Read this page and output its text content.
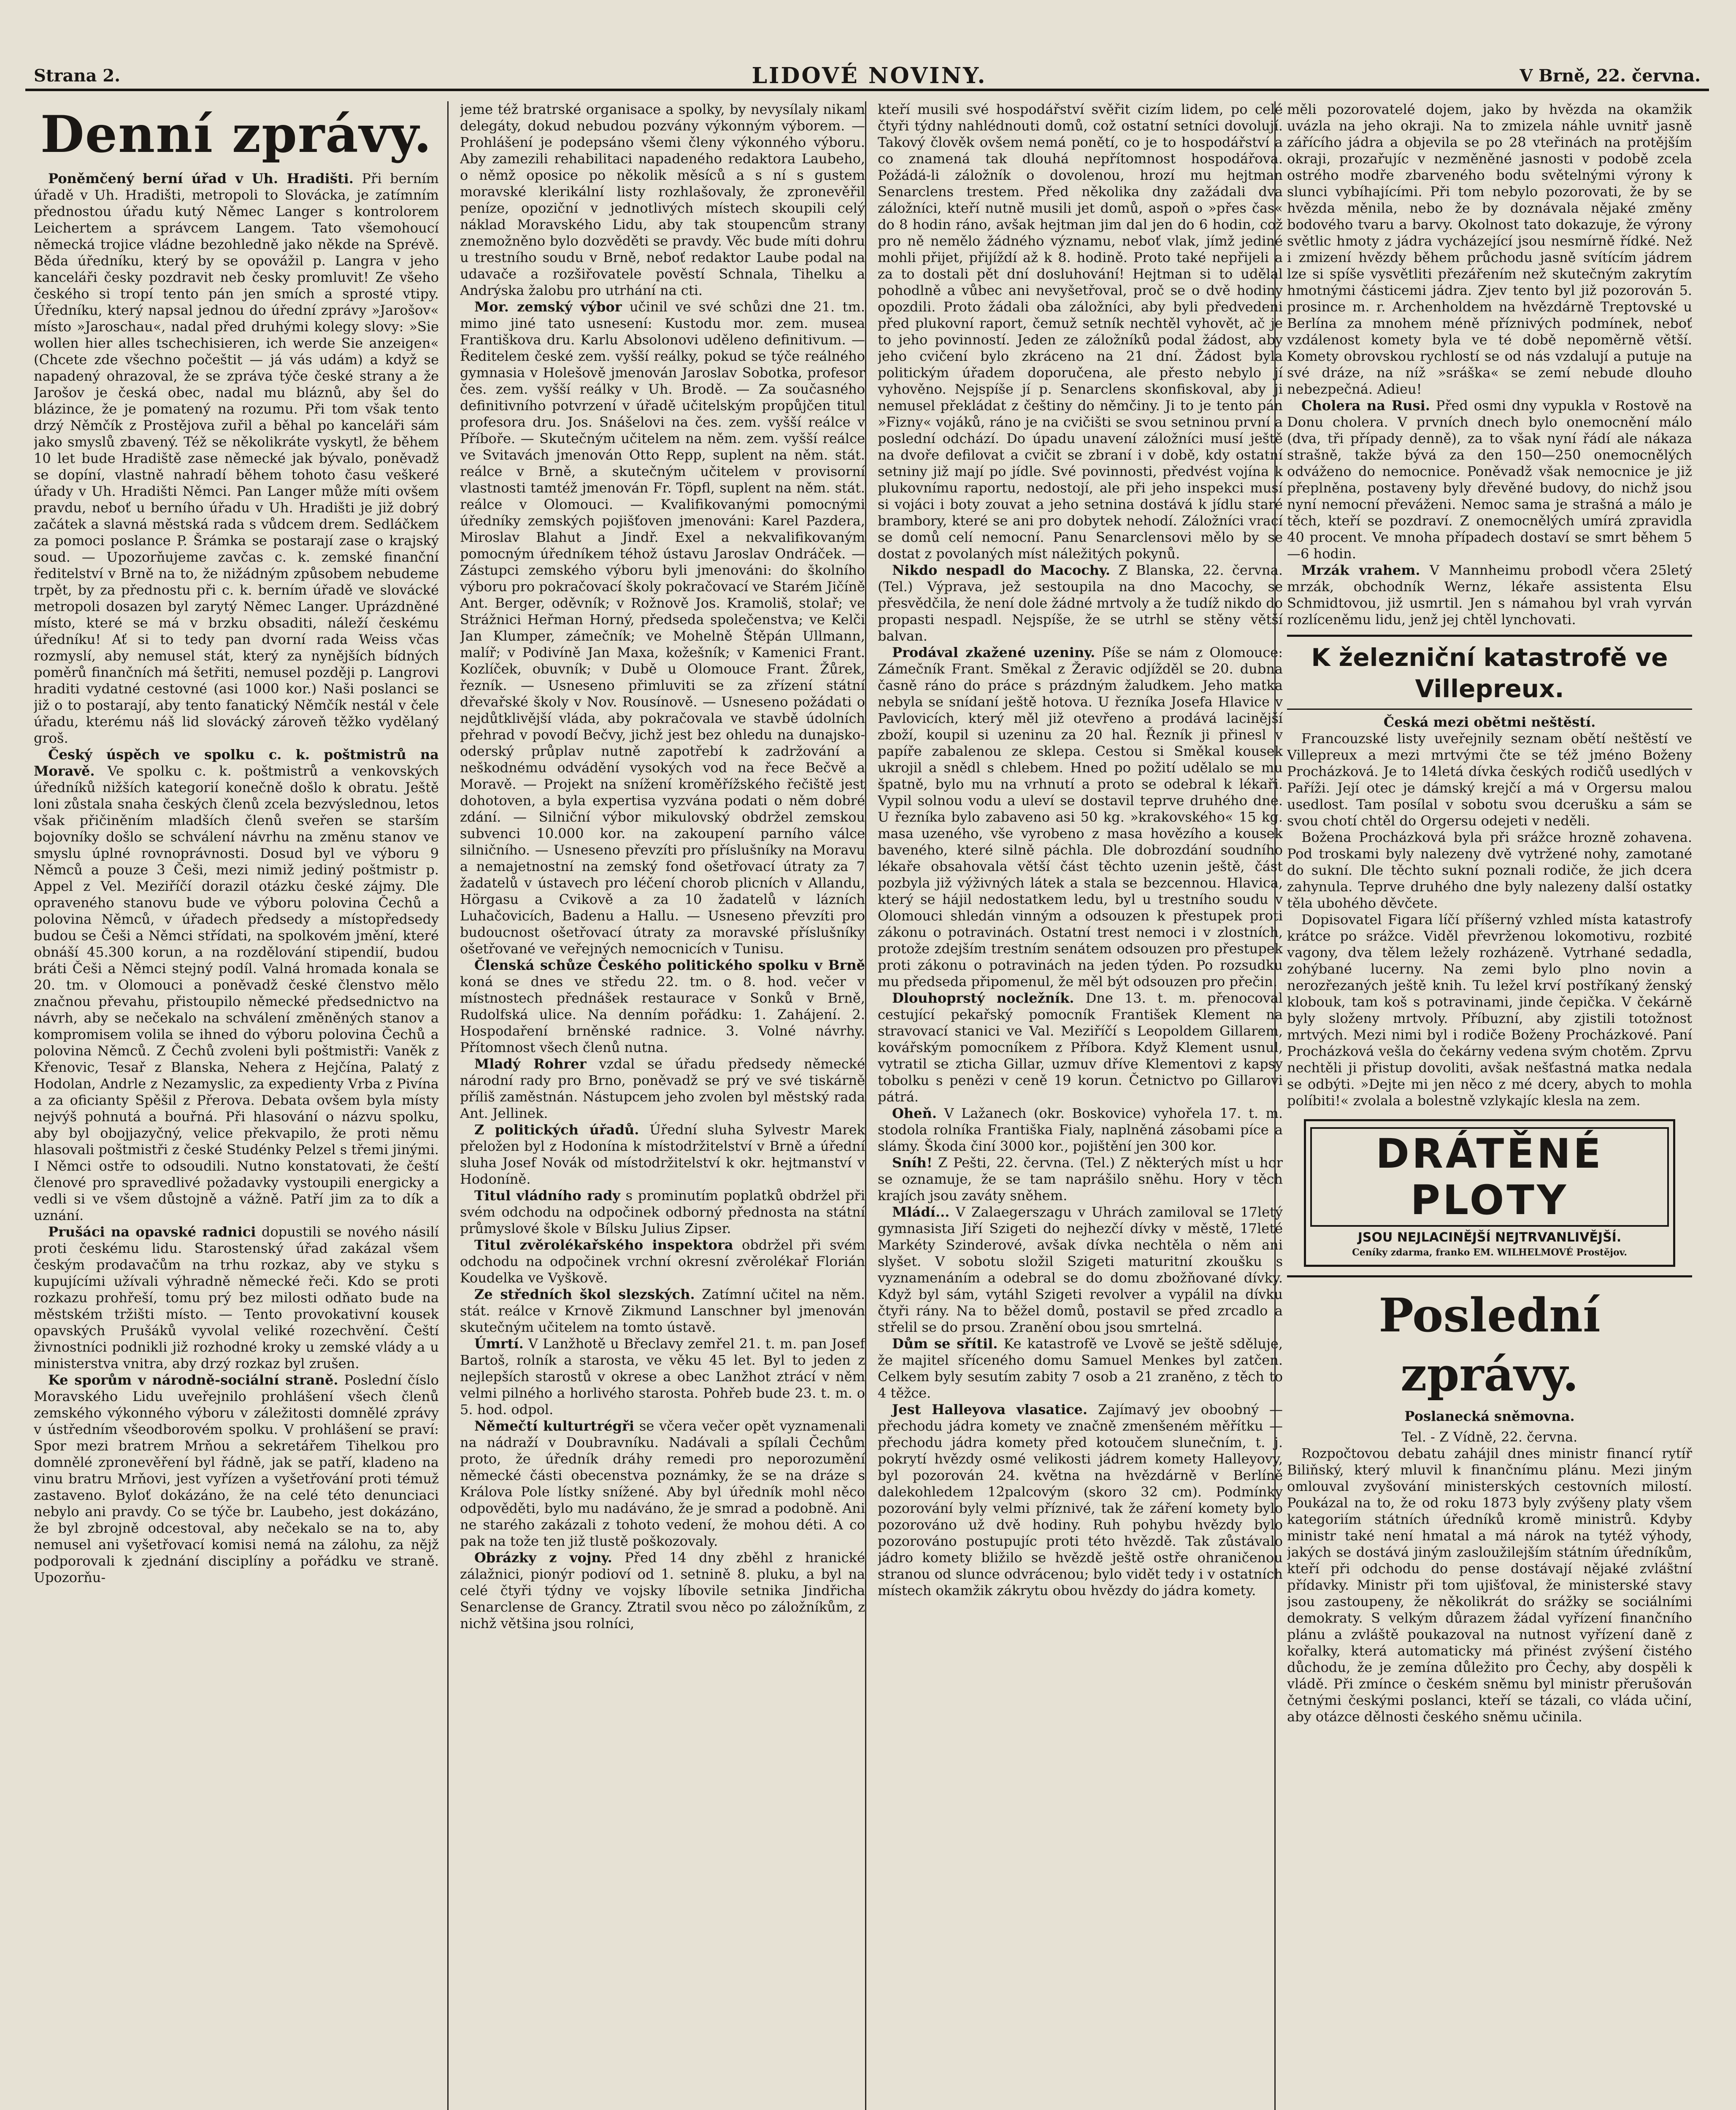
Strana 2.	LIDOVÉ NOVINY.	V Brně, 22. června.
Denní zprávy.

Poněmčený berní úřad v Uh. Hradišti. Při berním úřadě v Uh. Hradišti, metropoli to Slovácka, je zatímním přednostou úřadu kutý Němec Langer s kontrolorem Leichertem a správcem Langem. Tato všemohoucí německá trojice vládne bezohledně jako někde na Sprévě. Běda úředníku, který by se opovážil p. Langra v jeho kanceláři česky pozdravit neb česky promluvit! Ze všeho českého si tropí tento pán jen smích a sprosté vtipy. Úředníku, který napsal jednou do úřední zprávy »Jarošov« místo »Jaroschau«, nadal před druhými kolegy slovy: »Sie wollen hier alles tschechisieren, ich werde Sie anzeigen« (Chcete zde všechno počeštit — já vás udám) a když se napadený ohrazoval, že se zpráva týče české strany a že Jarošov je česká obec, nadal mu bláznů, aby šel do blázince, že je pomatený na rozumu. Při tom však tento drzý Němčík z Prostějova zuřil a běhal po kanceláři sám jako smyslů zbavený. Též se několikráte vyskytl, že během 10 let bude Hradiště zase německé jak bývalo, poněvadž se dopíní, vlastně nahradí během tohoto času veškeré úřady v Uh. Hradišti Němci. Pan Langer může míti ovšem pravdu, neboť u berního úřadu v Uh. Hradišti je již dobrý začátek a slavná městská rada s vůdcem drem. Sedláčkem za pomoci poslance P. Šrámka se postarají zase o krajský soud. — Upozorňujeme zavčas c. k. zemské finanční ředitelství v Brně na to, že nižádným způsobem nebudeme trpět, by za přednostu při c. k. berním úřadě ve slovácké metropoli dosazen byl zarytý Němec Langer. Uprázdněné místo, které se má v brzku obsaditi, náleží českému úředníku! Ať si to tedy pan dvorní rada Weiss včas rozmyslí, aby nemusel stát, který za nynějších bídných poměrů finančních má šetřiti, nemusel později p. Langrovi hraditi vydatné cestovné (asi 1000 kor.) Naši poslanci se již o to postarají, aby tento fanatický Němčík nestál v čele úřadu, kterému náš lid slovácký zároveň těžko vydělaný groš.

Český úspěch ve spolku c. k. poštmistrů na Moravě. Ve spolku c. k. poštmistrů a venkovských úředníků nižších kategorií konečně došlo k obratu. Ještě loni zůstala snaha českých členů zcela bezvýslednou, letos však přičiněním mladších členů sveřen se starším bojovníky došlo se schválení návrhu na změnu stanov ve smyslu úplné rovnoprávnosti. Dosud byl ve výboru 9 Němců a pouze 3 Češi, mezi nimiž jediný poštmistr p. Appel z Vel. Meziříčí dorazil otázku české zájmy. Dle opraveného stanovu bude ve výboru polovina Čechů a polovina Němců, v úřadech předsedy a místopředsedy budou se Češi a Němci střídati, na spolkovém jmění, které obnáší 45.300 korun, a na rozdělování stipendií, budou bráti Češi a Němci stejný podíl. Valná hromada konala se 20. tm. v Olomouci a poněvadž české členstvo mělo značnou převahu, přistoupilo německé předsednictvo na návrh, aby se nečekalo na schválení změněných stanov a kompromisem volila se ihned do výboru polovina Čechů a polovina Němců. Z Čechů zvoleni byli poštmistři: Vaněk z Křenovic, Tesař z Blanska, Nehera z Hejčína, Palatý z Hodolan, Andrle z Nezamyslic, za expedienty Vrba z Pivína a za oficianty Spěšil z Přerova. Debata ovšem byla místy nejvýš pohnutá a bouřná. Při hlasování o názvu spolku, aby byl obojjazyčný, velice překvapilo, že proti němu hlasovali poštmistři z české Studénky Pelzel s třemi jinými. I Němci ostře to odsoudili. Nutno konstatovati, že čeští členové pro spravedlivé požadavky vystoupili energicky a vedli si ve všem důstojně a vážně. Patří jim za to dík a uznání.

Prušáci na opavské radnici dopustili se nového násilí proti českému lidu. Starostenský úřad zakázal všem českým prodavačům na trhu rozkaz, aby ve styku s kupujícími užívali výhradně německé řeči. Kdo se proti rozkazu prohřeší, tomu prý bez milosti odňato bude na městském tržišti místo. — Tento provokativní kousek opavských Prušáků vyvolal veliké rozechvění. Čeští živnostníci podnikli již rozhodné kroky u zemské vlády a u ministerstva vnitra, aby drzý rozkaz byl zrušen.

Ke sporům v národně-sociální straně. Poslední číslo Moravského Lidu uveřejnilo prohlášení všech členů zemského výkonného výboru v záležitosti domnělé zprávy v ústředním všeodborovém spolku. V prohlášení se praví: Spor mezi bratrem Mrňou a sekretářem Tihelkou pro domnělé zpronevěření byl řádně, jak se patří, kladeno na vinu bratru Mrňovi, jest vyřízen a vyšetřování proti témuž zastaveno. Byloť dokázáno, že na celé této denunciaci nebylo ani pravdy. Co se týče br. Laubeho, jest dokázáno, že byl zbrojně odcestoval, aby nečekalo se na to, aby nemusel ani vyšetřovací komisi nemá na zálohu, za nějž podporovali k zjednání disciplíny a pořádku ve straně. Upozorňu-

jeme též bratrské organisace a spolky, by nevysílaly nikam delegáty, dokud nebudou pozvány výkonným výborem. — Prohlášení je podepsáno všemi členy výkonného výboru. Aby zamezili rehabilitaci napadeného redaktora Laubeho, o němž oposice po několik měsíců a s ní s gustem moravské klerikální listy rozhlašovaly, že zpronevěřil peníze, opoziční v jednotlivých místech skoupili celý náklad Moravského Lidu, aby tak stoupencům strany znemožněno bylo dozvěděti se pravdy. Věc bude míti dohru u trestního soudu v Brně, neboť redaktor Laube podal na udavače a rozšiřovatele pověstí Schnala, Tihelku a Andrýska žalobu pro utrhání na cti.

Mor. zemský výbor učinil ve své schůzi dne 21. tm. mimo jiné tato usnesení: Kustodu mor. zem. musea Františkova dru. Karlu Absolonovi uděleno definitivum. — Ředitelem české zem. vyšší reálky, pokud se týče reálného gymnasia v Holešově jmenován Jaroslav Sobotka, profesor čes. zem. vyšší reálky v Uh. Brodě. — Za současného definitivního potvrzení v úřadě učitelským propůjčen titul profesora dru. Jos. Snášelovi na čes. zem. vyšší reálce v Příboře. — Skutečným učitelem na něm. zem. vyšší reálce ve Svitavách jmenován Otto Repp, suplent na něm. stát. reálce v Brně, a skutečným učitelem v provisorní vlastnosti tamtéž jmenován Fr. Töpfl, suplent na něm. stát. reálce v Olomouci. — Kvalifikovanými pomocnými úředníky zemských pojišťoven jmenováni: Karel Pazdera, Miroslav Blahut a Jindř. Exel a nekvalifikovaným pomocným úředníkem téhož ústavu Jaroslav Ondráček. — Zástupci zemského výboru byli jmenováni: do školního výboru pro pokračovací školy pokračovací ve Starém Jičíně Ant. Berger, oděvník; v Rožnově Jos. Kramoliš, stolař; ve Strážnici Heřman Horný, předseda společenstva; ve Kelči Jan Klumper, zámečník; ve Mohelně Štěpán Ullmann, malíř; v Podivíně Jan Maxa, kožešník; v Kamenici Frant. Kozlíček, obuvník; v Dubě u Olomouce Frant. Žůrek, řezník. — Usneseno přimluviti se za zřízení státní dřevařské školy v Nov. Rousínově. — Usneseno požádati o nejdůtklivější vláda, aby pokračovala ve stavbě údolních přehrad v povodí Bečvy, jichž jest bez ohledu na dunajsko-oderský průplav nutně zapotřebí k zadržování a neškodnému odvádění vysokých vod na řece Bečvě a Moravě. — Projekt na snížení kroměřížského řečiště jest dohotoven, a byla expertisa vyzvána podati o něm dobré zdání. — Silniční výbor mikulovský obdržel zemskou subvenci 10.000 kor. na zakoupení parního válce silničního. — Usneseno převzíti pro příslušníky na Moravu a nemajetnostní na zemský fond ošetřovací útraty za 7 žadatelů v ústavech pro léčení chorob plicních v Allandu, Hörgasu a Cvikově a za 10 žadatelů v lázních Luhačovicích, Badenu a Hallu. — Usneseno převzíti pro budoucnost ošetřovací útraty za moravské příslušníky ošetřované ve veřejných nemocnicích v Tunisu.

Členská schůze Českého politického spolku v Brně koná se dnes ve středu 22. tm. o 8. hod. večer v místnostech přednášek restaurace v Sonků v Brně, Rudolfská ulice. Na denním pořádku: 1. Zahájení. 2. Hospodaření brněnské radnice. 3. Volné návrhy. Přítomnost všech členů nutna.

Mladý Rohrer vzdal se úřadu předsedy německé národní rady pro Brno, poněvadž se prý ve své tiskárně příliš zaměstnán. Nástupcem jeho zvolen byl městský rada Ant. Jellinek.

Z politických úřadů. Úřední sluha Sylvestr Marek přeložen byl z Hodonína k místodržitelství v Brně a úřední sluha Josef Novák od místodržitelství k okr. hejtmanství v Hodoníně.

Titul vládního rady s prominutím poplatků obdržel při svém odchodu na odpočinek odborný přednosta na státní průmyslové škole v Bílsku Julius Zipser.

Titul zvěrolékařského inspektora obdržel při svém odchodu na odpočinek vrchní okresní zvěrolékař Florián Koudelka ve Vyškově.

Ze středních škol slezských. Zatímní učitel na něm. stát. reálce v Krnově Zikmund Lanschner byl jmenován skutečným učitelem na tomto ústavě.

Úmrtí. V Lanžhotě u Břeclavy zemřel 21. t. m. pan Josef Bartoš, rolník a starosta, ve věku 45 let. Byl to jeden z nejlepších starostů v okrese a obec Lanžhot ztrácí v něm velmi pilného a horlivého starosta. Pohřeb bude 23. t. m. o 5. hod. odpol.

Němečtí kulturtrégři se včera večer opět vyznamenali na nádraží v Doubravníku. Nadávali a spílali Čechům proto, že úředník dráhy remedi pro neporozumění německé části obecenstva poznámky, že se na dráze s Králova Pole lístky snížené. Aby byl úředník mohl něco odpověděti, bylo mu nadáváno, že je smrad a podobně. Ani ne starého zakázali z tohoto vedení, že mohou déti. A co pak na tože ten již tlustě poškozovaly.

Obrázky z vojny. Před 14 dny zběhl z hranické zálažnici, pionýr podioví od 1. setnině 8. pluku, a byl na celé čtyři týdny ve vojsky líbovile setnika Jindřicha Senarclense de Grancy. Ztratil svou něco po záložníkům, z nichž většina jsou rolníci,

kteří musili své hospodářství svěřit cizím lidem, po celé čtyři týdny nahlédnouti domů, což ostatní setníci dovolují. Takový člověk ovšem nemá ponětí, co je to hospodářství a co znamená tak dlouhá nepřítomnost hospodářova. Požádá-li záložník o dovolenou, hrozí mu hejtman Senarclens trestem. Před několika dny zažádali dva záložníci, kteří nutně musili jet domů, aspoň o »přes čas« do 8 hodin ráno, avšak hejtman jim dal jen do 6 hodin, což pro ně nemělo žádného významu, neboť vlak, jímž jediné mohli přijet, přijíždí až k 8. hodině. Proto také nepřijeli a za to dostali pět dní dosluhování! Hejtman si to udělal pohodlně a vůbec ani nevyšetřoval, proč se o dvě hodiny opozdili. Proto žádali oba záložníci, aby byli předvedeni před plukovní raport, čemuž setník nechtěl vyhovět, ač je to jeho povinností. Jeden ze záložníků podal žádost, aby jeho cvičení bylo zkráceno na 21 dní. Žádost byla politickým úřadem doporučena, ale přesto nebylo jí vyhověno. Nejspíše jí p. Senarclens skonfiskoval, aby ji nemusel překládat z češtiny do němčiny. Ji to je tento pán »Fizny« vojáků, ráno je na cvičišti se svou setninou první a poslední odchází. Do úpadu unavení záložníci musí ještě na dvoře defilovat a cvičit se zbraní i v době, kdy ostatní setniny již mají po jídle. Své povinnosti, předvést vojína k plukovnímu raportu, nedostojí, ale při jeho inspekci musí si vojáci i boty zouvat a jeho setnina dostává k jídlu staré brambory, které se ani pro dobytek nehodí. Záložníci vrací se domů celí nemocní. Panu Senarclensovi mělo by se dostat z povolaných míst náležitých pokynů.

Nikdo nespadl do Macochy. Z Blanska, 22. června. (Tel.) Výprava, jež sestoupila na dno Macochy, se přesvědčila, že není dole žádné mrtvoly a že tudíž nikdo do propasti nespadl. Nejspíše, že se utrhl se stěny větší balvan.

Prodával zkažené uzeniny. Píše se nám z Olomouce: Zámečník Frant. Směkal z Žeravic odjížděl se 20. dubna časně ráno do práce s prázdným žaludkem. Jeho matka nebyla se snídaní ještě hotova. U řezníka Josefa Hlavice v Pavlovicích, který měl již otevřeno a prodává lacinější zboží, koupil si uzeninu za 20 hal. Řezník ji přinesl v papíře zabalenou ze sklepa. Cestou si Směkal kousek ukrojil a snědl s chlebem. Hned po požití udělalo se mu špatně, bylo mu na vrhnutí a proto se odebral k lékaři. Vypil solnou vodu a uleví se dostavil teprve druhého dne. U řezníka bylo zabaveno asi 50 kg. »krakovského« 15 kg. masa uzeného, vše vyrobeno z masa hovězího a kousek baveného, které silně páchla. Dle dobrozdání soudního lékaře obsahovala větší část těchto uzenin ještě, část pozbyla již výživných látek a stala se bezcennou. Hlavica, který se hájil nedostatkem ledu, byl u trestního soudu v Olomouci shledán vinným a odsouzen k přestupek proti zákonu o potravinách. Ostatní trest nemoci i v zlostních, protože zdejším trestním senátem odsouzen pro přestupek proti zákonu o potravinách na jeden týden. Po rozsudku mu předseda připomenul, že měl být odsouzen pro přečin.

Dlouhoprstý nocležník. Dne 13. t. m. přenocoval cestující pekařský pomocník František Klement na stravovací stanici ve Val. Meziříčí s Leopoldem Gillarem, kovářským pomocníkem z Příbora. Když Klement usnul, vytratil se zticha Gillar, uzmuv dříve Klementovi z kapsy tobolku s penězi v ceně 19 korun. Četnictvo po Gillarovi pátrá.

Oheň. V Lažanech (okr. Boskovice) vyhořela 17. t. m. stodola rolníka Františka Fialy, naplněná zásobami píce a slámy. Škoda činí 3000 kor., pojištění jen 300 kor.

Sníh! Z Pešti, 22. června. (Tel.) Z některých míst u hor se oznamuje, že se tam naprášilo sněhu. Hory v těch krajích jsou zaváty sněhem.

Mládí... V Zalaegerszagu v Uhrách zamiloval se 17letý gymnasista Jiří Szigeti do nejhezčí dívky v městě, 17leté Markéty Szinderové, avšak dívka nechtěla o něm ani slyšet. V sobotu složil Szigeti maturitní zkoušku s vyznamenáním a odebral se do domu zbožňované dívky. Když byl sám, vytáhl Szigeti revolver a vypálil na dívku čtyři rány. Na to běžel domů, postavil se před zrcadlo a střelil se do prsou. Zranění obou jsou smrtelná.

Dům se sřítil. Ke katastrofě ve Lvově se ještě sděluje, že majitel sříceného domu Samuel Menkes byl zatčen. Celkem byly sesutím zabity 7 osob a 21 zraněno, z těch to 4 těžce.

Jest Halleyova vlasatice. Zajímavý jev oboobný — přechodu jádra komety ve značně zmenšeném měřítku — přechodu jádra komety před kotoučem slunečním, t. j. pokrytí hvězdy osmé velikosti jádrem komety Halleyovy, byl pozorován 24. května na hvězdárně v Berlíně dalekohledem 12palcovým (skoro 32 cm). Podmínky pozorování byly velmi příznivé, tak že záření komety bylo pozorováno už dvě hodiny. Ruh pohybu hvězdy bylo pozorováno postupujíc proti této hvězdě. Tak zůstávalo jádro komety bližilo se hvězdě ještě ostře ohraničenou stranou od slunce odvrácenou; bylo vidět tedy i v ostatních místech okamžik zákrytu obou hvězdy do jádra komety.

měli pozorovatelé dojem, jako by hvězda na okamžik uvázla na jeho okraji. Na to zmizela náhle uvnitř jasně zářícího jádra a objevila se po 28 vteřinách na protějším okraji, prozařujíc v nezměněné jasnosti v podobě zcela ostrého modře zbarveného bodu světelnými výrony k slunci vybíhajícími. Při tom nebylo pozorovati, že by se hvězda měnila, nebo že by doznávala nějaké změny bodového tvaru a barvy. Okolnost tato dokazuje, že výrony světlic hmoty z jádra vycházející jsou nesmírně řídké. Než i zmizení hvězdy během průchodu jasně svítícím jádrem lze si spíše vysvětliti přezářením než skutečným zakrytím hmotnými částicemi jádra. Zjev tento byl již pozorován 5. prosince m. r. Archenholdem na hvězdárně Treptovské u Berlína za mnohem méně příznivých podmínek, neboť vzdálenost komety byla ve té době nepoměrně větší. Komety obrovskou rychlostí se od nás vzdalují a putuje na své dráze, na níž »sráška« se zemí nebude dlouho nebezpečná. Adieu!

Cholera na Rusi. Před osmi dny vypukla v Rostově na Donu cholera. V prvních dnech bylo onemocnění málo (dva, tři případy denně), za to však nyní řádí ale nákaza strašně, takže bývá za den 150—250 onemocnělých odváženo do nemocnice. Poněvadž však nemocnice je již přeplněna, postaveny byly dřevěné budovy, do nichž jsou nyní nemocní převáženi. Nemoc sama je strašná a málo je těch, kteří se pozdraví. Z onemocnělých umírá zpravidla 40 procent. Ve mnoha případech dostaví se smrt během 5—6 hodin.

Mrzák vrahem. V Mannheimu probodl včera 25letý mrzák, obchodník Wernz, lékaře assistenta Elsu Schmidtovou, již usmrtil. Jen s námahou byl vrah vyrván rozlíceněmu lidu, jenž jej chtěl lynchovati.

K železniční katastrofě ve Villepreux.
Česká mezi obětmi neštěstí.

Francouzské listy uveřejnily seznam obětí neštěstí ve Villepreux a mezi mrtvými čte se též jméno Boženy Procházková. Je to 14letá dívka českých rodičů usedlých v Paříži. Její otec je dámský krejčí a má v Orgersu malou usedlost. Tam posílal v sobotu svou dcerušku a sám se svou chotí chtěl do Orgersu odejeti v neděli.

Božena Procházková byla při srážce hrozně zohavena. Pod troskami byly nalezeny dvě vytržené nohy, zamotané do sukní. Dle těchto sukní poznali rodiče, že jich dcera zahynula. Teprve druhého dne byly nalezeny další ostatky těla ubohého děvčete.

Dopisovatel Figara líčí příšerný vzhled místa katastrofy krátce po srážce. Viděl převrženou lokomotivu, rozbité vagony, dva tělem ležely rozházeně. Vytrhané sedadla, zohýbané lucerny. Na zemi bylo plno novin a nerozřezaných ještě knih. Tu ležel krví postříkaný ženský klobouk, tam koš s potravinami, jinde čepička. V čekárně byly složeny mrtvoly. Příbuzní, aby zjistili totožnost mrtvých. Mezi nimi byl i rodiče Boženy Procházkové. Paní Procházková vešla do čekárny vedena svým chotěm. Zprvu nechtěli ji přistup dovoliti, avšak nešťastná matka nedala se odbýti. »Dejte mi jen něco z mé dcery, abych to mohla políbiti!« zvolala a bolestně vzlykajíc klesla na zem.

DRÁTĚNÉ PLOTY
JSOU NEJLACINĚJŠÍ NEJTRVANLIVĚJŠÍ.
Ceníky zdarma, franko EM. WILHELMOVÉ Prostějov.
Poslední zprávy.
Poslanecká sněmovna.
Tel. - Z Vídně, 22. června.

Rozpočtovou debatu zahájil dnes ministr financí rytíř Biliňský, který mluvil k finančnímu plánu. Mezi jiným omlouval zvyšování ministerských cestovních milostí. Poukázal na to, že od roku 1873 byly zvýšeny platy všem kategoriím státních úředníků kromě ministrů. Kdyby ministr také není hmatal a má nárok na tytéž výhody, jakých se dostává jiným zasloužilejším státním úředníkům, kteří při odchodu do pense dostávají nějaké zvláštní přídavky. Ministr při tom ujišťoval, že ministerské stavy jsou zastoupeny, že několikrát do srážky se sociálními demokraty. S velkým důrazem žádal vyřízení finančního plánu a zvláště poukazoval na nutnost vyřízení daně z kořalky, která automaticky má přinést zvýšení čistého důchodu, že je zemína důležito pro Čechy, aby dospěli k vládě. Při zmínce o českém sněmu byl ministr přerušován četnými českými poslanci, kteří se tázali, co vláda učiní, aby otázce dělnosti českého sněmu učinila.
